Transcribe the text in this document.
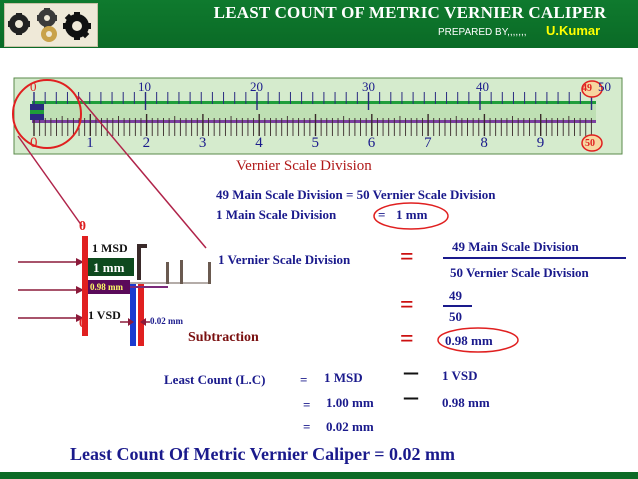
LEAST COUNT OF METRIC VERNIER CALIPER
PREPARED BY,,,,,,, U.Kumar
0	10	20	30	40	49 50
0	1	2	3	4	5	6	7	8	9	50
Vernier Scale Division
0
0
1 MSD
1 mm
0.98 mm
1 VSD	0.02 mm
Subtraction
49 Main Scale Division = 50 Vernier Scale Division
1 Main Scale Division	= 1 mm
1 Vernier Scale Division =	49 Main Scale Division
50 Vernier Scale Division
=	49
50
= 0.98 mm
Least Count (L.C)	= 1 MSD – 1 VSD
= 1.00 mm – 0.98 mm
= 0.02 mm
Least Count Of Metric Vernier Caliper = 0.02 mm
